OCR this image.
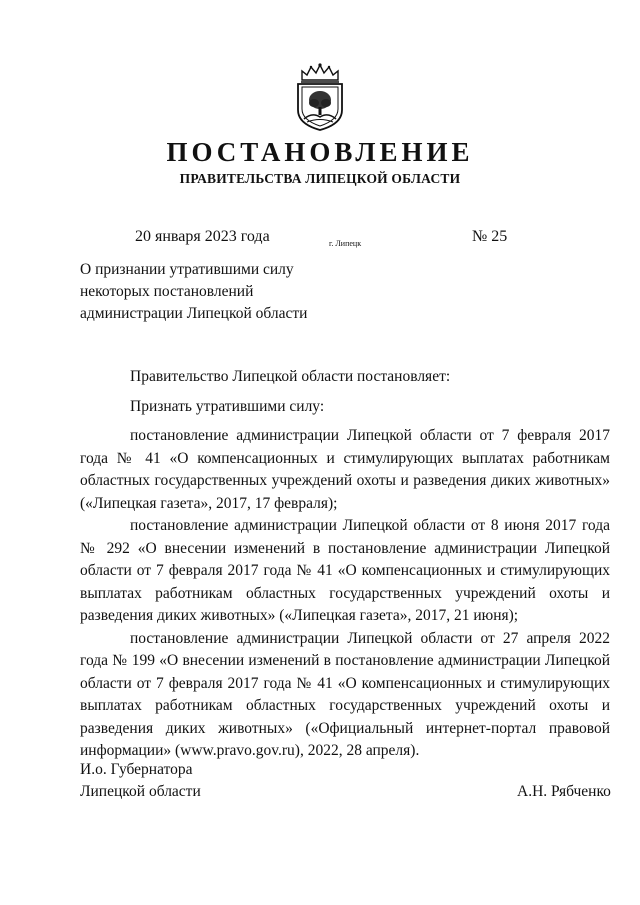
ПОСТАНОВЛЕНИЕ
ПРАВИТЕЛЬСТВА ЛИПЕЦКОЙ ОБЛАСТИ
20 января 2023 года	г. Липецк	№ 25
О признании утратившими силу
некоторых постановлений
администрации Липецкой области

Правительство Липецкой области постановляет:

Признать утратившими силу:

постановление администрации Липецкой области от 7 февраля 2017 года № 41 «О компенсационных и стимулирующих выплатах работникам областных государственных учреждений охоты и разведения диких животных» («Липецкая газета», 2017, 17 февраля);

постановление администрации Липецкой области от 8 июня 2017 года № 292 «О внесении изменений в постановление администрации Липецкой области от 7 февраля 2017 года № 41 «О компенсационных и стимулирующих выплатах работникам областных государственных учреждений охоты и разведения диких животных» («Липецкая газета», 2017, 21 июня);

постановление администрации Липецкой области от 27 апреля 2022 года № 199 «О внесении изменений в постановление администрации Липецкой области от 7 февраля 2017 года № 41 «О компенсационных и стимулирующих выплатах работникам областных государственных учреждений охоты и разведения диких животных» («Официальный интернет-портал правовой информации» (www.pravo.gov.ru), 2022, 28 апреля).

И.о. Губернатора
Липецкой области	А.Н. Рябченко
